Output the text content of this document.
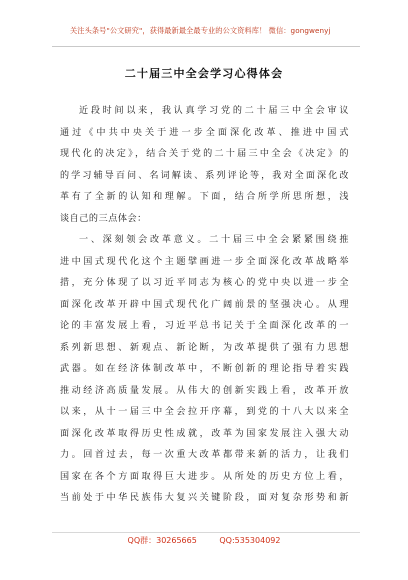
关注头条号"公文研究"，获得最新最全最专业的公文资料库！ 微信：gongwenyj
二十届三中全会学习心得体会
近段时间以来，我认真学习党的二十届三中全会审议
通过《中共中央关于进一步全面深化改革、推进中国式
现代化的决定》，结合关于党的二十届三中全会《决定》的
的学习辅导百问、名词解读、系列评论等，我对全面深化改
革有了全新的认知和理解。下面，结合所学所思所想，浅
谈自己的三点体会：
一、深刻领会改革意义。二十届三中全会紧紧围绕推
进中国式现代化这个主题擘画进一步全面深化改革战略举
措，充分体现了以习近平同志为核心的党中央以进一步全
面深化改革开辟中国式现代化广阔前景的坚强决心。从理
论的丰富发展上看，习近平总书记关于全面深化改革的一
系列新思想、新观点、新论断，为改革提供了强有力思想
武器。如在经济体制改革中，不断创新的理论指导着实践
推动经济高质量发展。从伟大的创新实践上看，改革开放
以来，从十一届三中全会拉开序幕，到党的十八大以来全
面深化改革取得历史性成就，改革为国家发展注入强大动
力。回首过去，每一次重大改革都带来新的活力，让我们
国家在各个方面取得巨大进步。从所处的历史方位上看，
当前处于中华民族伟大复兴关键阶段，面对复杂形势和新
QQ群：30265665	QQ:535304092
